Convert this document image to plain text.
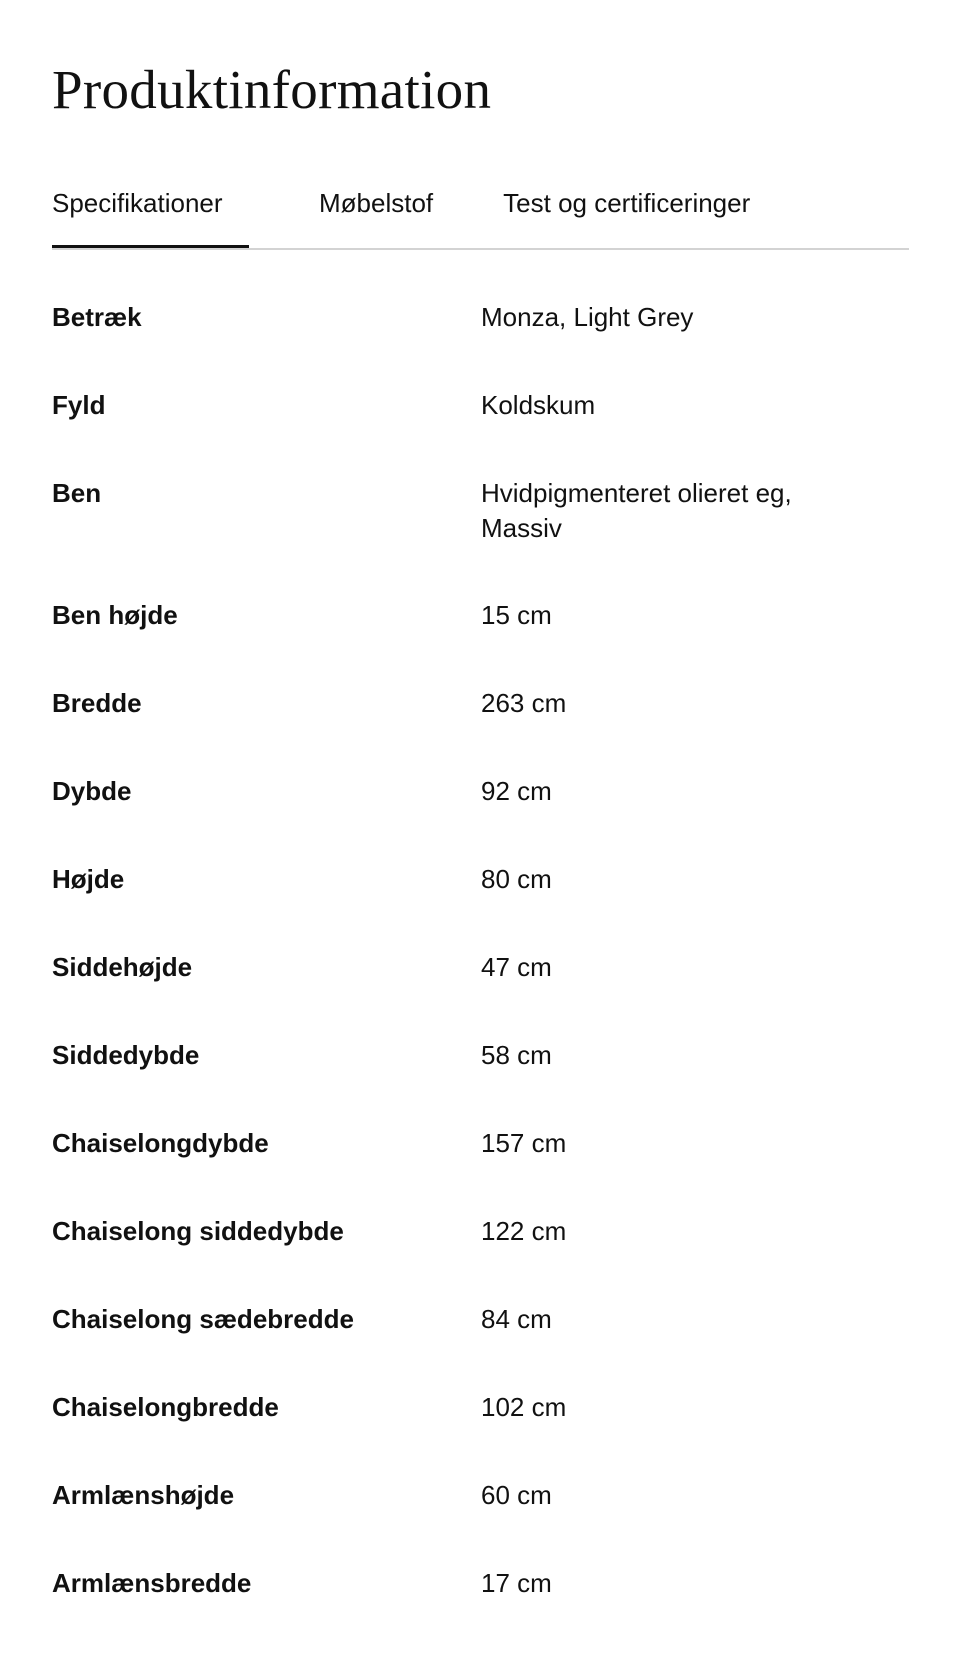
Produktinformation
Specifikationer	Møbelstof	Test og certificeringer
Betræk	Monza, Light Grey
Fyld	Koldskum
Ben	Hvidpigmenteret olieret eg, Massiv
Ben højde	15 cm
Bredde	263 cm
Dybde	92 cm
Højde	80 cm
Siddehøjde	47 cm
Siddedybde	58 cm
Chaiselongdybde	157 cm
Chaiselong siddedybde	122 cm
Chaiselong sædebredde	84 cm
Chaiselongbredde	102 cm
Armlænshøjde	60 cm
Armlænsbredde	17 cm
